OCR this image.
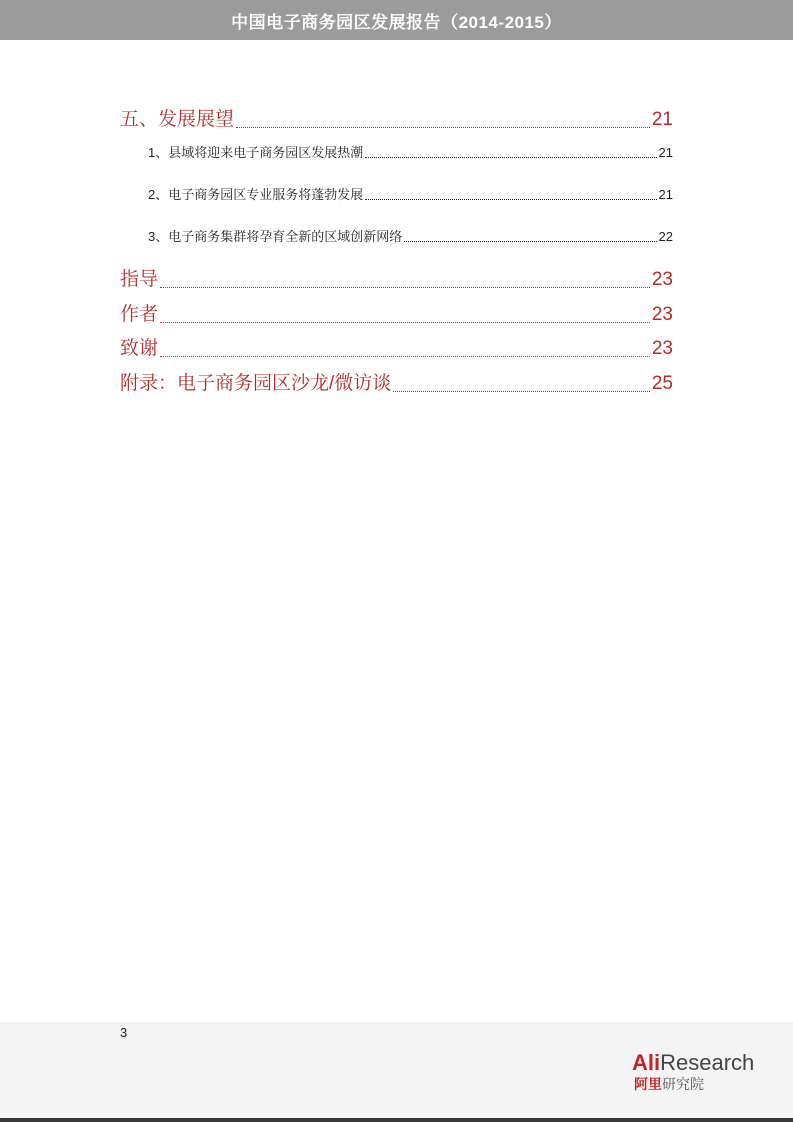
中国电子商务园区发展报告（2014-2015）
五、发展展望	21
1、县域将迎来电子商务园区发展热潮	21
2、电子商务园区专业服务将蓬勃发展	21
3、电子商务集群将孕育全新的区域创新网络	22
指导	23
作者	23
致谢	23
附录：电子商务园区沙龙/微访谈	25
3
AliResearch
阿里研究院
